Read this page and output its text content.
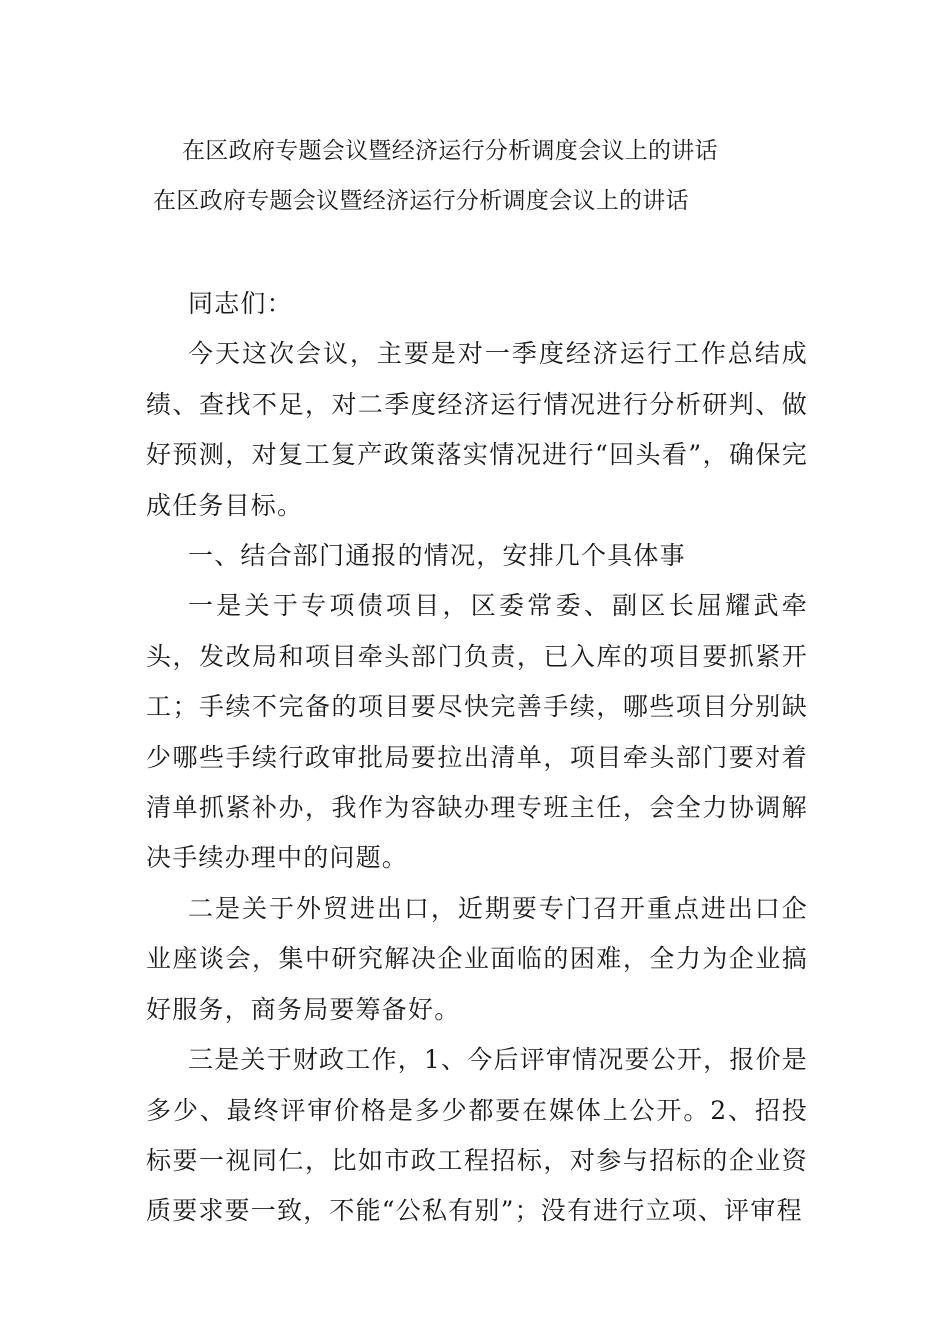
在区政府专题会议暨经济运行分析调度会议上的讲话
在区政府专题会议暨经济运行分析调度会议上的讲话

同志们：

今天这次会议，主要是对一季度经济运行工作总结成绩、查找不足，对二季度经济运行情况进行分析研判、做好预测，对复工复产政策落实情况进行“回头看”，确保完成任务目标。

一、结合部门通报的情况，安排几个具体事

一是关于专项债项目，区委常委、副区长屈耀武牵头，发改局和项目牵头部门负责，已入库的项目要抓紧开工；手续不完备的项目要尽快完善手续，哪些项目分别缺少哪些手续行政审批局要拉出清单，项目牵头部门要对着清单抓紧补办，我作为容缺办理专班主任，会全力协调解决手续办理中的问题。

二是关于外贸进出口，近期要专门召开重点进出口企业座谈会，集中研究解决企业面临的困难，全力为企业搞好服务，商务局要筹备好。

三是关于财政工作，1、今后评审情况要公开，报价是多少、最终评审价格是多少都要在媒体上公开。2、招投标要一视同仁，比如市政工程招标，对参与招标的企业资质要求要一致，不能“公私有别”；没有进行立项、评审程
